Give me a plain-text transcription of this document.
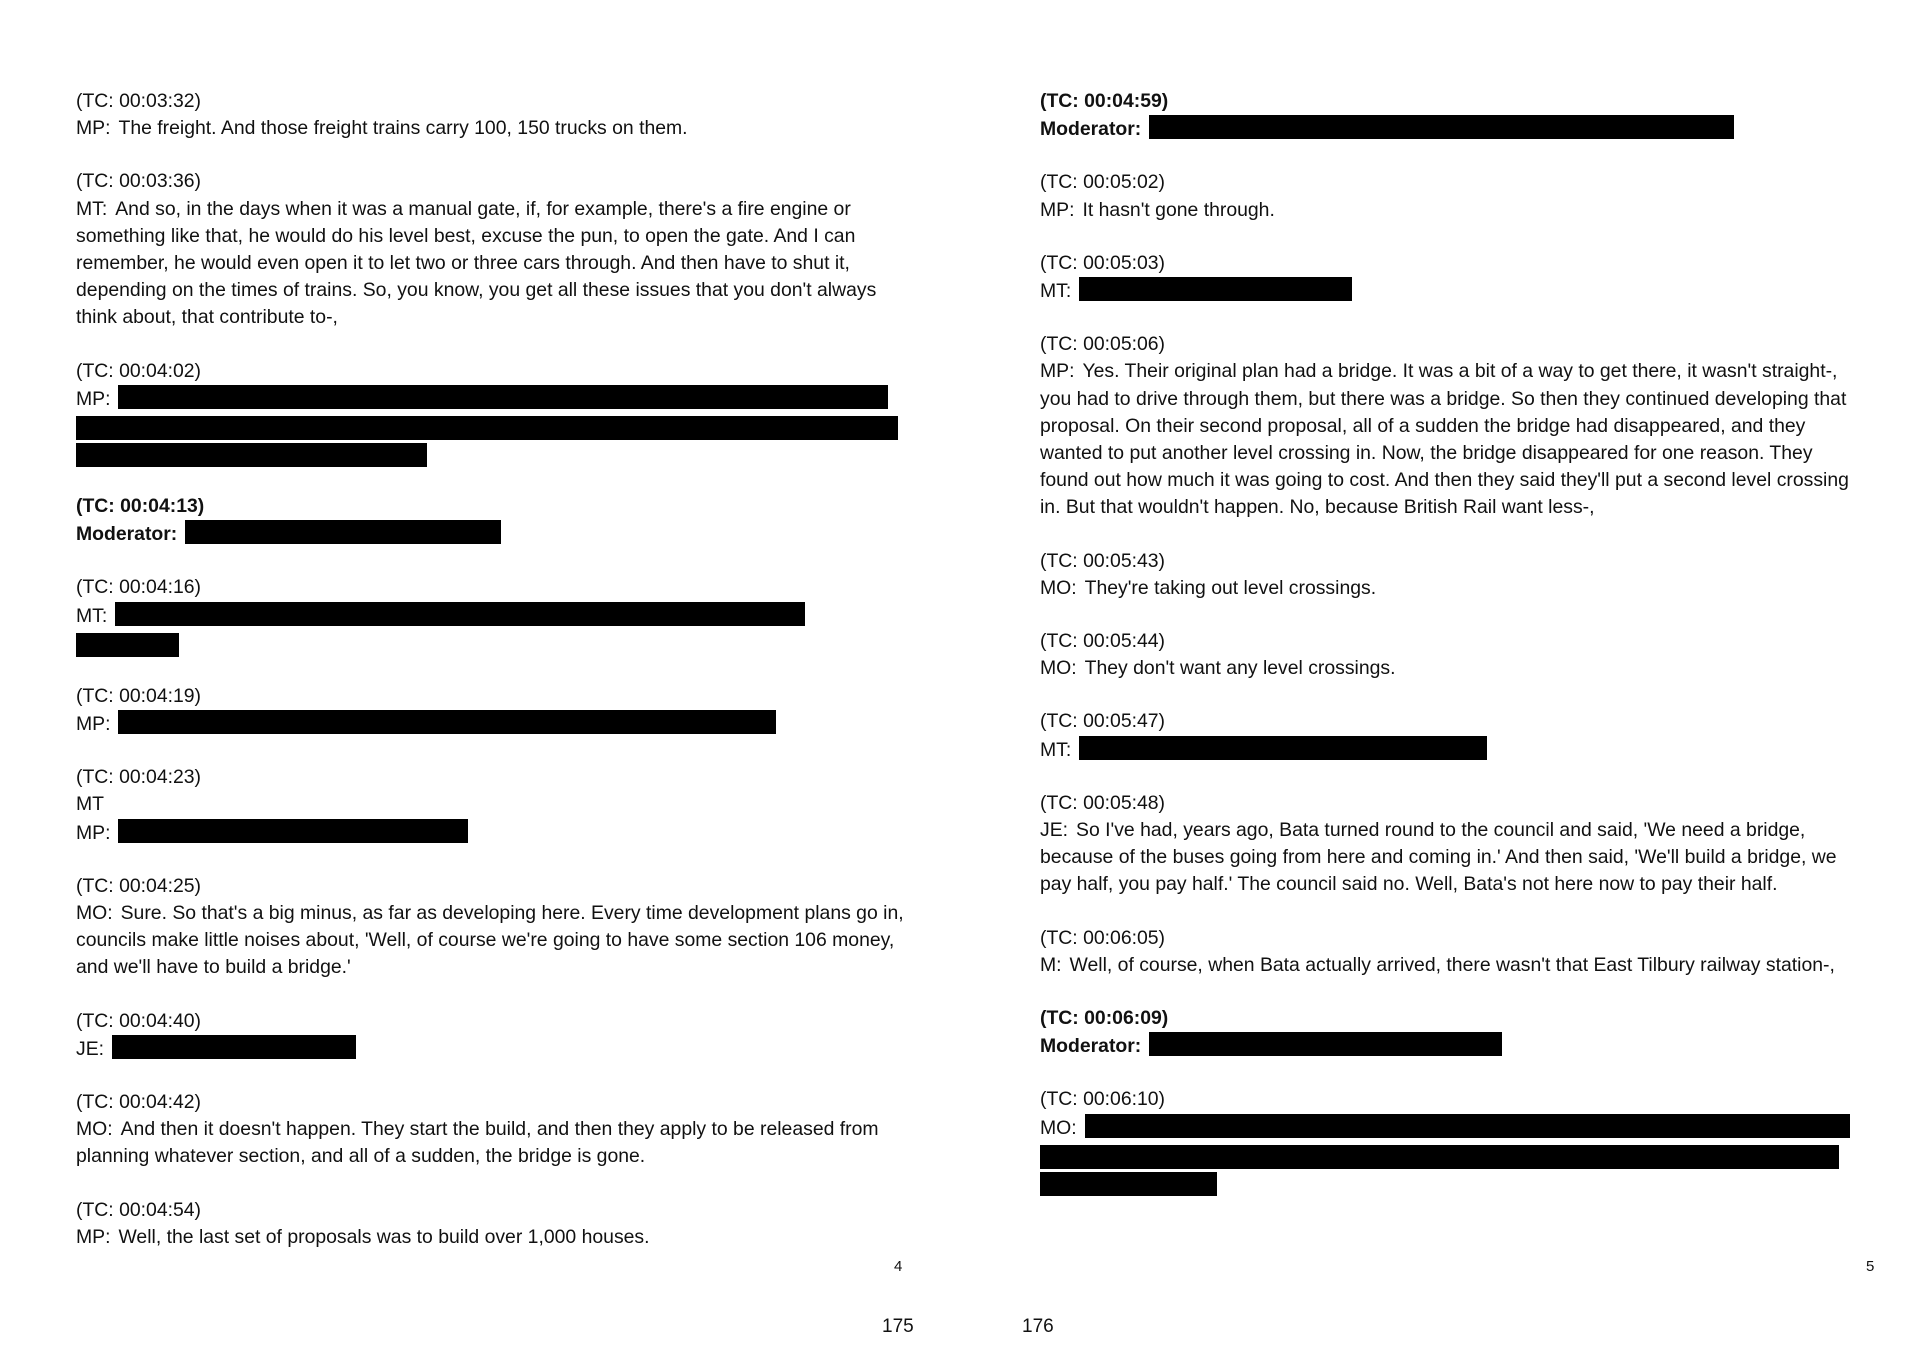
(TC: 00:03:32)
MP: The freight. And those freight trains carry 100, 150 trucks on them.
(TC: 00:03:36)
MT: And so, in the days when it was a manual gate, if, for example, there's a fire engine or something like that, he would do his level best, excuse the pun, to open the gate. And I can remember, he would even open it to let two or three cars through. And then have to shut it, depending on the times of trains. So, you know, you get all these issues that you don't always think about, that contribute to-,
(TC: 00:04:02)
MP:
(TC: 00:04:13)
Moderator:
(TC: 00:04:16)
MT:
(TC: 00:04:19)
MP:
(TC: 00:04:23)
MT
MP:
(TC: 00:04:25)
MO: Sure. So that's a big minus, as far as developing here. Every time development plans go in, councils make little noises about, 'Well, of course we're going to have some section 106 money, and we'll have to build a bridge.'
(TC: 00:04:40)
JE:
(TC: 00:04:42)
MO: And then it doesn't happen. They start the build, and then they apply to be released from planning whatever section, and all of a sudden, the bridge is gone.
(TC: 00:04:54)
MP: Well, the last set of proposals was to build over 1,000 houses.
4
(TC: 00:04:59)
Moderator:
(TC: 00:05:02)
MP: It hasn't gone through.
(TC: 00:05:03)
MT:
(TC: 00:05:06)
MP: Yes. Their original plan had a bridge. It was a bit of a way to get there, it wasn't straight-, you had to drive through them, but there was a bridge. So then they continued developing that proposal. On their second proposal, all of a sudden the bridge had disappeared, and they wanted to put another level crossing in. Now, the bridge disappeared for one reason. They found out how much it was going to cost. And then they said they'll put a second level crossing in. But that wouldn't happen. No, because British Rail want less-,
(TC: 00:05:43)
MO: They're taking out level crossings.
(TC: 00:05:44)
MO: They don't want any level crossings.
(TC: 00:05:47)
MT:
(TC: 00:05:48)
JE: So I've had, years ago, Bata turned round to the council and said, 'We need a bridge, because of the buses going from here and coming in.' And then said, 'We'll build a bridge, we pay half, you pay half.' The council said no. Well, Bata's not here now to pay their half.
(TC: 00:06:05)
M: Well, of course, when Bata actually arrived, there wasn't that East Tilbury railway station-,
(TC: 00:06:09)
Moderator:
(TC: 00:06:10)
MO:
5
175	176
